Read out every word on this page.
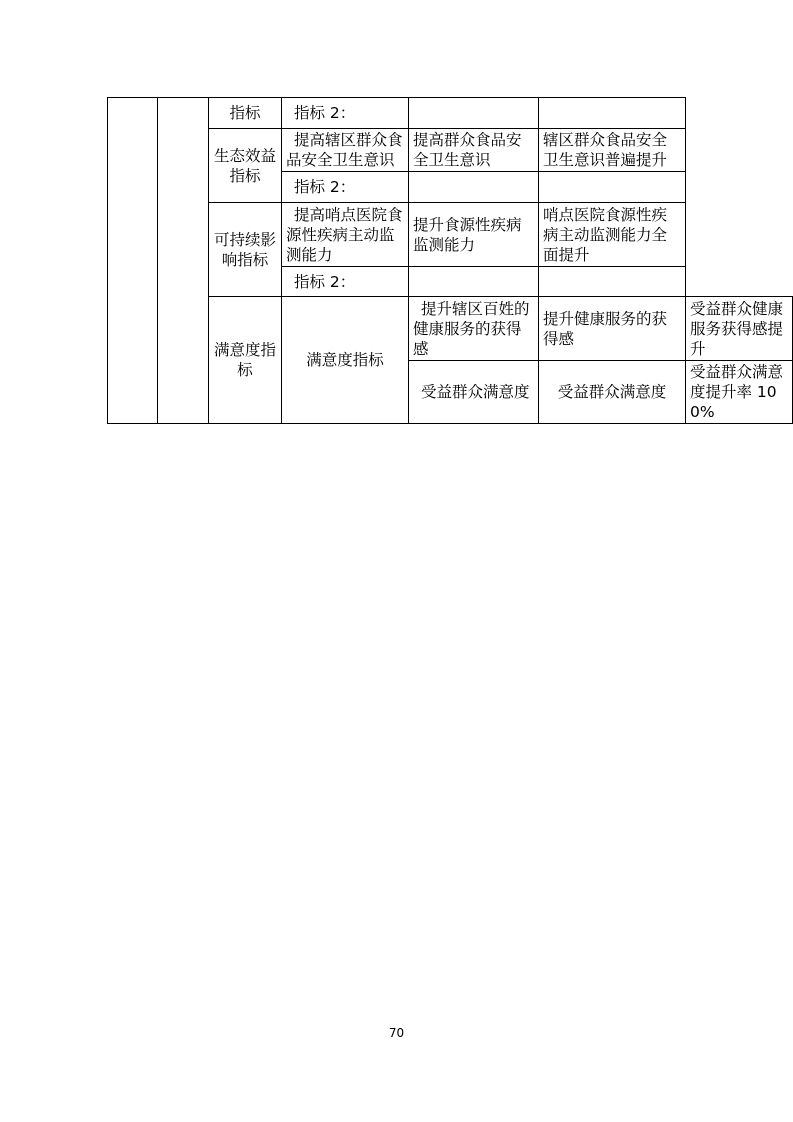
		指标	指标 2：			
		生态效益指标	提高辖区群众食品安全卫生意识	提高群众食品安全卫生意识	辖区群众食品安全卫生意识普遍提升	
			指标 2：			
		可持续影响指标	提高哨点医院食源性疾病主动监测能力	提升食源性疾病监测能力	哨点医院食源性疾病主动监测能力全面提升	
			指标 2：			
		满意度指标	满意度指标	提升辖区百姓的健康服务的获得感	提升健康服务的获得感	受益群众健康服务获得感提升
				受益群众满意度	受益群众满意度	受益群众满意度提升率 100%
70
